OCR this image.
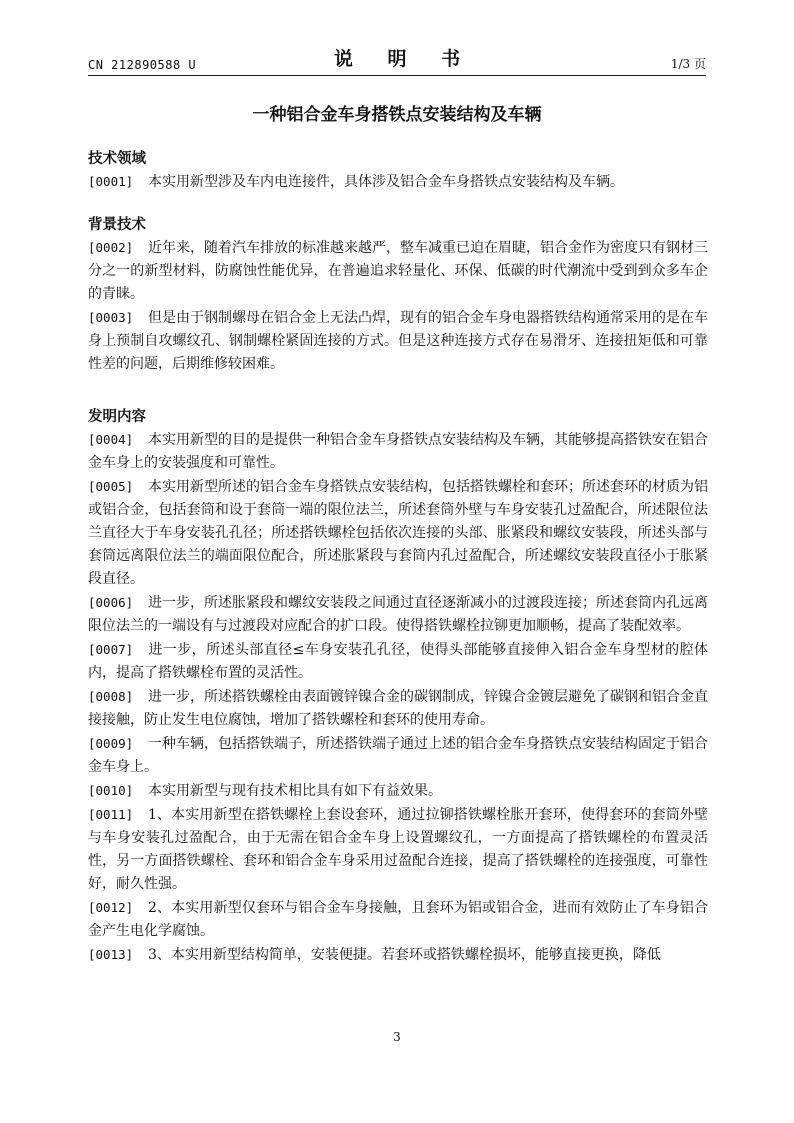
CN 212890588 U	说 明 书	1/3 页
一种铝合金车身搭铁点安装结构及车辆
技术领域
[0001] 本实用新型涉及车内电连接件，具体涉及铝合金车身搭铁点安装结构及车辆。
背景技术
[0002] 近年来，随着汽车排放的标准越来越严，整车减重已迫在眉睫，铝合金作为密度只有钢材三分之一的新型材料，防腐蚀性能优异，在普遍追求轻量化、环保、低碳的时代潮流中受到到众多车企的青睐。
[0003] 但是由于钢制螺母在铝合金上无法凸焊，现有的铝合金车身电器搭铁结构通常采用的是在车身上预制自攻螺纹孔、钢制螺栓紧固连接的方式。但是这种连接方式存在易滑牙、连接扭矩低和可靠性差的问题，后期维修较困难。
发明内容
[0004] 本实用新型的目的是提供一种铝合金车身搭铁点安装结构及车辆，其能够提高搭铁安在铝合金车身上的安装强度和可靠性。
[0005] 本实用新型所述的铝合金车身搭铁点安装结构，包括搭铁螺栓和套环；所述套环的材质为铝或铝合金，包括套筒和设于套筒一端的限位法兰，所述套筒外壁与车身安装孔过盈配合，所述限位法兰直径大于车身安装孔孔径；所述搭铁螺栓包括依次连接的头部、胀紧段和螺纹安装段，所述头部与套筒远离限位法兰的端面限位配合，所述胀紧段与套筒内孔过盈配合，所述螺纹安装段直径小于胀紧段直径。
[0006] 进一步，所述胀紧段和螺纹安装段之间通过直径逐渐减小的过渡段连接；所述套筒内孔远离限位法兰的一端设有与过渡段对应配合的扩口段。使得搭铁螺栓拉铆更加顺畅，提高了装配效率。
[0007] 进一步，所述头部直径≤车身安装孔孔径，使得头部能够直接伸入铝合金车身型材的腔体内，提高了搭铁螺栓布置的灵活性。
[0008] 进一步，所述搭铁螺栓由表面镀锌镍合金的碳钢制成，锌镍合金镀层避免了碳钢和铝合金直接接触，防止发生电位腐蚀，增加了搭铁螺栓和套环的使用寿命。
[0009] 一种车辆，包括搭铁端子，所述搭铁端子通过上述的铝合金车身搭铁点安装结构固定于铝合金车身上。
[0010] 本实用新型与现有技术相比具有如下有益效果。
[0011] 1、本实用新型在搭铁螺栓上套设套环，通过拉铆搭铁螺栓胀开套环，使得套环的套筒外壁与车身安装孔过盈配合，由于无需在铝合金车身上设置螺纹孔，一方面提高了搭铁螺栓的布置灵活性，另一方面搭铁螺栓、套环和铝合金车身采用过盈配合连接，提高了搭铁螺栓的连接强度，可靠性好，耐久性强。
[0012] 2、本实用新型仅套环与铝合金车身接触，且套环为铝或铝合金，进而有效防止了车身铝合金产生电化学腐蚀。
[0013] 3、本实用新型结构简单，安装便捷。若套环或搭铁螺栓损坏，能够直接更换，降低
3
